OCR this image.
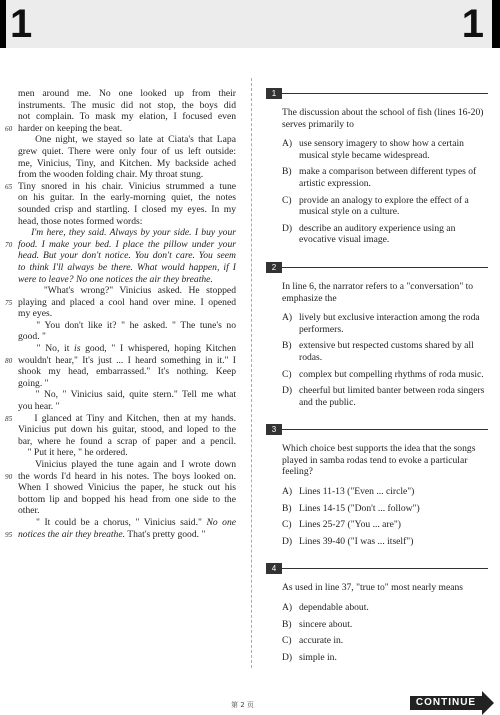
1	1
men around me. No one looked up from their
instruments. The music did not stop, the boys did
not complain. To mask my elation, I focused even
60 harder on keeping the beat.
One night, we stayed so late at Ciata's that Lapa
grew quiet. There were only four of us left outside:
me, Vinicius, Tiny, and Kitchen. My backside ached
from the wooden folding chair. My throat stung.
65 Tiny snored in his chair. Vinicius strummed a tune
on his guitar. In the early-morning quiet, the notes
sounded crisp and startling. I closed my eyes. In my
head, those notes formed words:
I'm here, they said. Always by your side. I buy your
70 food. I make your bed. I place the pillow under your
head. But your don't notice. You don't care. You seem
to think I'll always be there. What would happen, if I
were to leave? No one notices the air they breathe.
"What's wrong?" Vinicius asked. He stopped
75 playing and placed a cool hand over mine. I opened
my eyes.
" You don't like it? " he asked. " The tune's no
good. "
" No, it is good, " I whispered, hoping Kitchen
80 wouldn't hear," It's just ... I heard something in it." I
shook my head, embarrassed." It's nothing. Keep
going. "
" No, " Vinicius said, quite stern." Tell me what
you hear. "
85 I glanced at Tiny and Kitchen, then at my hands.
Vinicius put down his guitar, stood, and loped to the
bar, where he found a scrap of paper and a pencil.
" Put it here, " he ordered.
Vinicius played the tune again and I wrote down
90 the words I'd heard in his notes. The boys looked on.
When I showed Vinicius the paper, he stuck out his
bottom lip and bopped his head from one side to the
other.
" It could be a chorus, " Vinicius said." No one
95 notices the air they breathe. That's pretty good. "
1
The discussion about the school of fish (lines 16-20) serves primarily to
A) use sensory imagery to show how a certain musical style became widespread.
B) make a comparison between different types of artistic expression.
C) provide an analogy to explore the effect of a musical style on a culture.
D) describe an auditory experience using an evocative visual image.
2
In line 6, the narrator refers to a "conversation" to emphasize the
A) lively but exclusive interaction among the roda performers.
B) extensive but respected customs shared by all rodas.
C) complex but compelling rhythms of roda music.
D) cheerful but limited banter between roda singers and the public.
3
Which choice best supports the idea that the songs played in samba rodas tend to evoke a particular feeling?
A) Lines 11-13 ("Even ... circle")
B) Lines 14-15 ("Don't ... follow")
C) Lines 25-27 ("You ... are")
D) Lines 39-40 ("I was ... itself")
4
As used in line 37, "true to" most nearly means
A) dependable about.
B) sincere about.
C) accurate in.
D) simple in.
第 2 页	CONTINUE
